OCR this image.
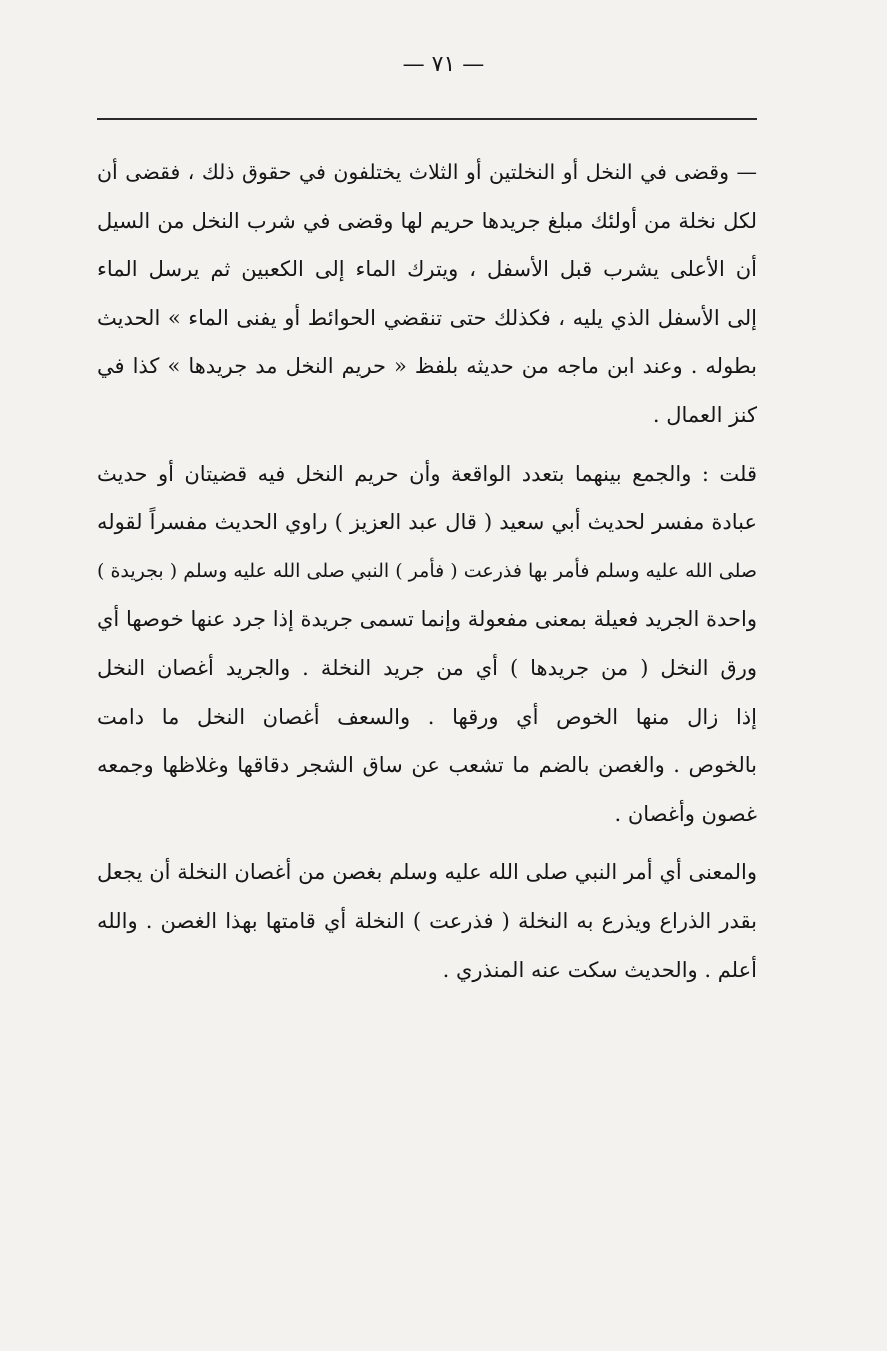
— ٧١ —

— وقضى في النخل أو النخلتين أو الثلاث يختلفون في حقوق ذلك ، فقضى أن
لكل نخلة من أولئك مبلغ جريدها حريم لها وقضى في شرب النخل من السيل
أن الأعلى يشرب قبل الأسفل ، ويترك الماء إلى الكعبين ثم يرسل الماء
إلى الأسفل الذي يليه ، فكذلك حتى تنقضي الحوائط أو يفنى الماء » الحديث
بطوله . وعند ابن ماجه من حديثه بلفظ « حريم النخل مد جريدها » كذا في
كنز العمال .

قلت : والجمع بينهما بتعدد الواقعة وأن حريم النخل فيه قضيتان أو حديث
عبادة مفسر لحديث أبي سعيد ( قال عبد العزيز ) راوي الحديث مفسراً لقوله
صلى الله عليه وسلم فأمر بها فذرعت ( فأمر ) النبي صلى الله عليه وسلم ( بجريدة )
واحدة الجريد فعيلة بمعنى مفعولة وإنما تسمى جريدة إذا جرد عنها خوصها أي
ورق النخل ( من جريدها ) أي من جريد النخلة . والجريد أغصان النخل
إذا زال منها الخوص أي ورقها . والسعف أغصان النخل ما دامت
بالخوص . والغصن بالضم ما تشعب عن ساق الشجر دقاقها وغلاظها وجمعه
غصون وأغصان .

والمعنى أي أمر النبي صلى الله عليه وسلم بغصن من أغصان النخلة أن يجعل
بقدر الذراع ويذرع به النخلة ( فذرعت ) النخلة أي قامتها بهذا الغصن . والله
أعلم . والحديث سكت عنه المنذري .
